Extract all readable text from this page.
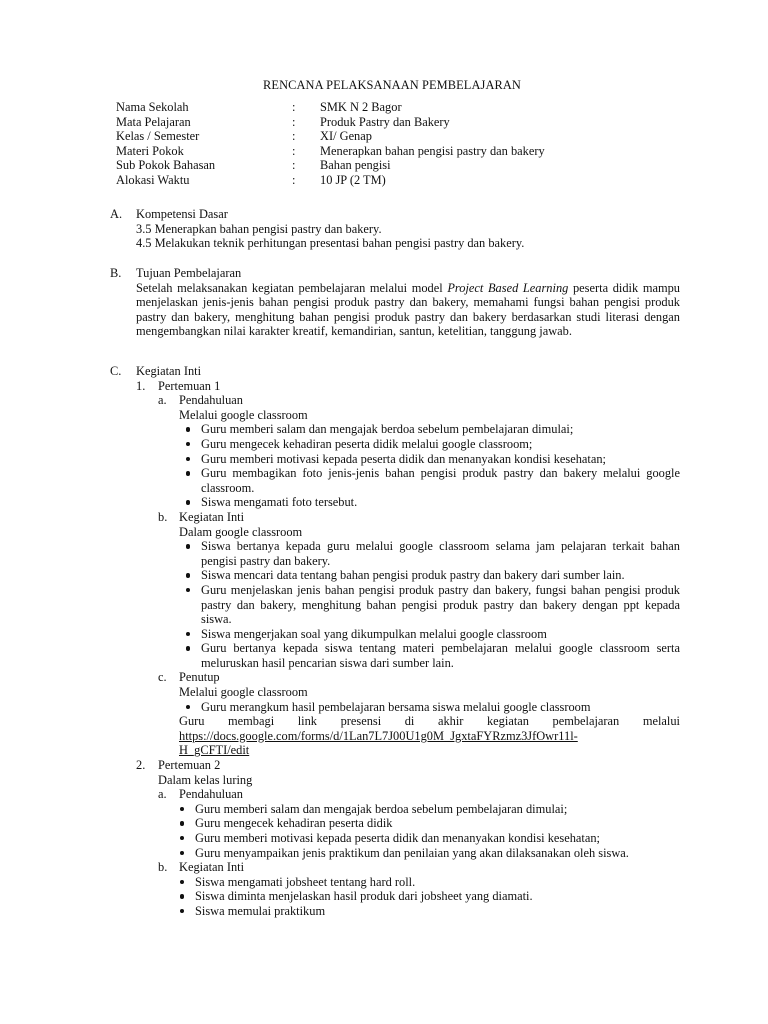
RENCANA PELAKSANAAN PEMBELAJARAN
Nama Sekolah	:	SMK N 2 Bagor
Mata Pelajaran	:	Produk Pastry dan Bakery
Kelas / Semester	:	XI/ Genap
Materi Pokok	:	Menerapkan bahan pengisi pastry dan bakery
Sub Pokok Bahasan	:	Bahan pengisi
Alokasi Waktu	:	10 JP (2 TM)
A.	Kompetensi Dasar
3.5 Menerapkan bahan pengisi pastry dan bakery.
4.5 Melakukan teknik perhitungan presentasi bahan pengisi pastry dan bakery.
B.	Tujuan Pembelajaran
Setelah melaksanakan kegiatan pembelajaran melalui model Project Based Learning peserta didik mampu menjelaskan jenis-jenis bahan pengisi produk pastry dan bakery, memahami fungsi bahan pengisi produk pastry dan bakery, menghitung bahan pengisi produk pastry dan bakery berdasarkan studi literasi dengan mengembangkan nilai karakter kreatif, kemandirian, santun, ketelitian, tanggung jawab.
C.	Kegiatan Inti
1.	Pertemuan 1
a. Pendahuluan
Melalui google classroom
Guru memberi salam dan mengajak berdoa sebelum pembelajaran dimulai;
Guru mengecek kehadiran peserta didik melalui google classroom;
Guru memberi motivasi kepada peserta didik dan menanyakan kondisi kesehatan;
Guru membagikan foto jenis-jenis bahan pengisi produk pastry dan bakery melalui google classroom.
Siswa mengamati foto tersebut.
b. Kegiatan Inti
Dalam google classroom
Siswa bertanya kepada guru melalui google classroom selama jam pelajaran terkait bahan pengisi pastry dan bakery.
Siswa mencari data tentang bahan pengisi produk pastry dan bakery dari sumber lain.
Guru menjelaskan jenis bahan pengisi produk pastry dan bakery, fungsi bahan pengisi produk pastry dan bakery, menghitung bahan pengisi produk pastry dan bakery dengan ppt kepada siswa.
Siswa mengerjakan soal yang dikumpulkan melalui google classroom
Guru bertanya kepada siswa tentang materi pembelajaran melalui google classroom serta meluruskan hasil pencarian siswa dari sumber lain.
c. Penutup
Melalui google classroom
Guru merangkum hasil pembelajaran bersama siswa melalui google classroom
Guru membagi link presensi di akhir kegiatan pembelajaran melalui
https://docs.google.com/forms/d/1Lan7L7J00U1g0M_JgxtaFYRzmz3JfOwr11l-
H_gCFTI/edit
2.	Pertemuan 2
Dalam kelas luring
a. Pendahuluan
Guru memberi salam dan mengajak berdoa sebelum pembelajaran dimulai;
Guru mengecek kehadiran peserta didik
Guru memberi motivasi kepada peserta didik dan menanyakan kondisi kesehatan;
Guru menyampaikan jenis praktikum dan penilaian yang akan dilaksanakan oleh siswa.
b. Kegiatan Inti
Siswa mengamati jobsheet tentang hard roll.
Siswa diminta menjelaskan hasil produk dari jobsheet yang diamati.
Siswa memulai praktikum
